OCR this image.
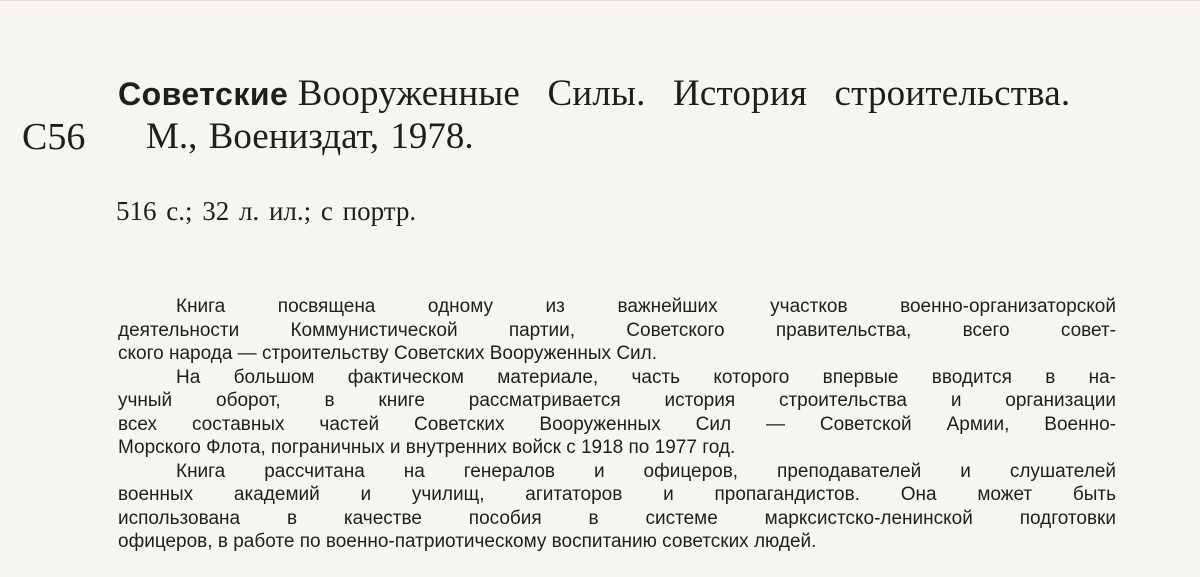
Советские Вооруженные Силы. История строительства.
С56 М., Воениздат, 1978.
516 с.; 32 л. ил.; с портр.
Книга посвящена одному из важнейших участков военно-организаторской
деятельности Коммунистической партии, Советского правительства, всего совет-
ского народа — строительству Советских Вооруженных Сил.
На большом фактическом материале, часть которого впервые вводится в на-
учный оборот, в книге рассматривается история строительства и организации
всех составных частей Советских Вооруженных Сил — Советской Армии, Военно-
Морского Флота, пограничных и внутренних войск с 1918 по 1977 год.
Книга рассчитана на генералов и офицеров, преподавателей и слушателей
военных академий и училищ, агитаторов и пропагандистов. Она может быть
использована в качестве пособия в системе марксистско-ленинской подготовки
офицеров, в работе по военно-патриотическому воспитанию советских людей.
